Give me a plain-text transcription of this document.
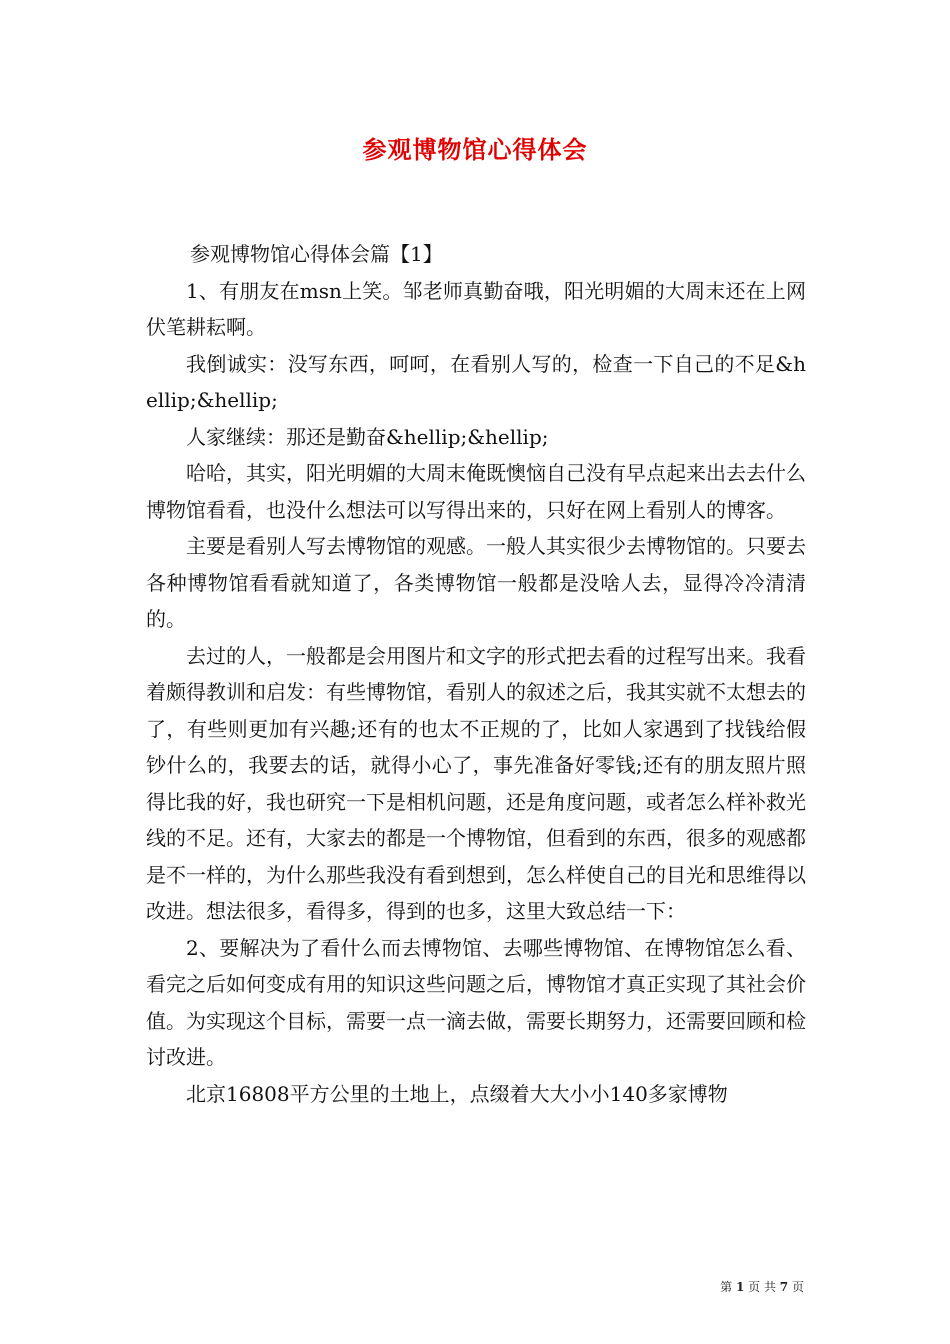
参观博物馆心得体会

参观博物馆心得体会篇【1】

1、有朋友在msn上笑。邹老师真勤奋哦，阳光明媚的大周末还在上网伏笔耕耘啊。

我倒诚实：没写东西，呵呵，在看别人写的，检查一下自己的不足&hellip;&hellip;

人家继续：那还是勤奋&hellip;&hellip;

哈哈，其实，阳光明媚的大周末俺既懊恼自己没有早点起来出去去什么博物馆看看，也没什么想法可以写得出来的，只好在网上看别人的博客。

主要是看别人写去博物馆的观感。一般人其实很少去博物馆的。只要去各种博物馆看看就知道了，各类博物馆一般都是没啥人去，显得冷冷清清的。

去过的人，一般都是会用图片和文字的形式把去看的过程写出来。我看着颇得教训和启发：有些博物馆，看别人的叙述之后，我其实就不太想去的了，有些则更加有兴趣;还有的也太不正规的了，比如人家遇到了找钱给假钞什么的，我要去的话，就得小心了，事先准备好零钱;还有的朋友照片照得比我的好，我也研究一下是相机问题，还是角度问题，或者怎么样补救光线的不足。还有，大家去的都是一个博物馆，但看到的东西，很多的观感都是不一样的，为什么那些我没有看到想到，怎么样使自己的目光和思维得以改进。想法很多，看得多，得到的也多，这里大致总结一下：

2、要解决为了看什么而去博物馆、去哪些博物馆、在博物馆怎么看、看完之后如何变成有用的知识这些问题之后，博物馆才真正实现了其社会价值。为实现这个目标，需要一点一滴去做，需要长期努力，还需要回顾和检讨改进。

北京16808平方公里的土地上，点缀着大大小小140多家博物

第 1 页 共 7 页
